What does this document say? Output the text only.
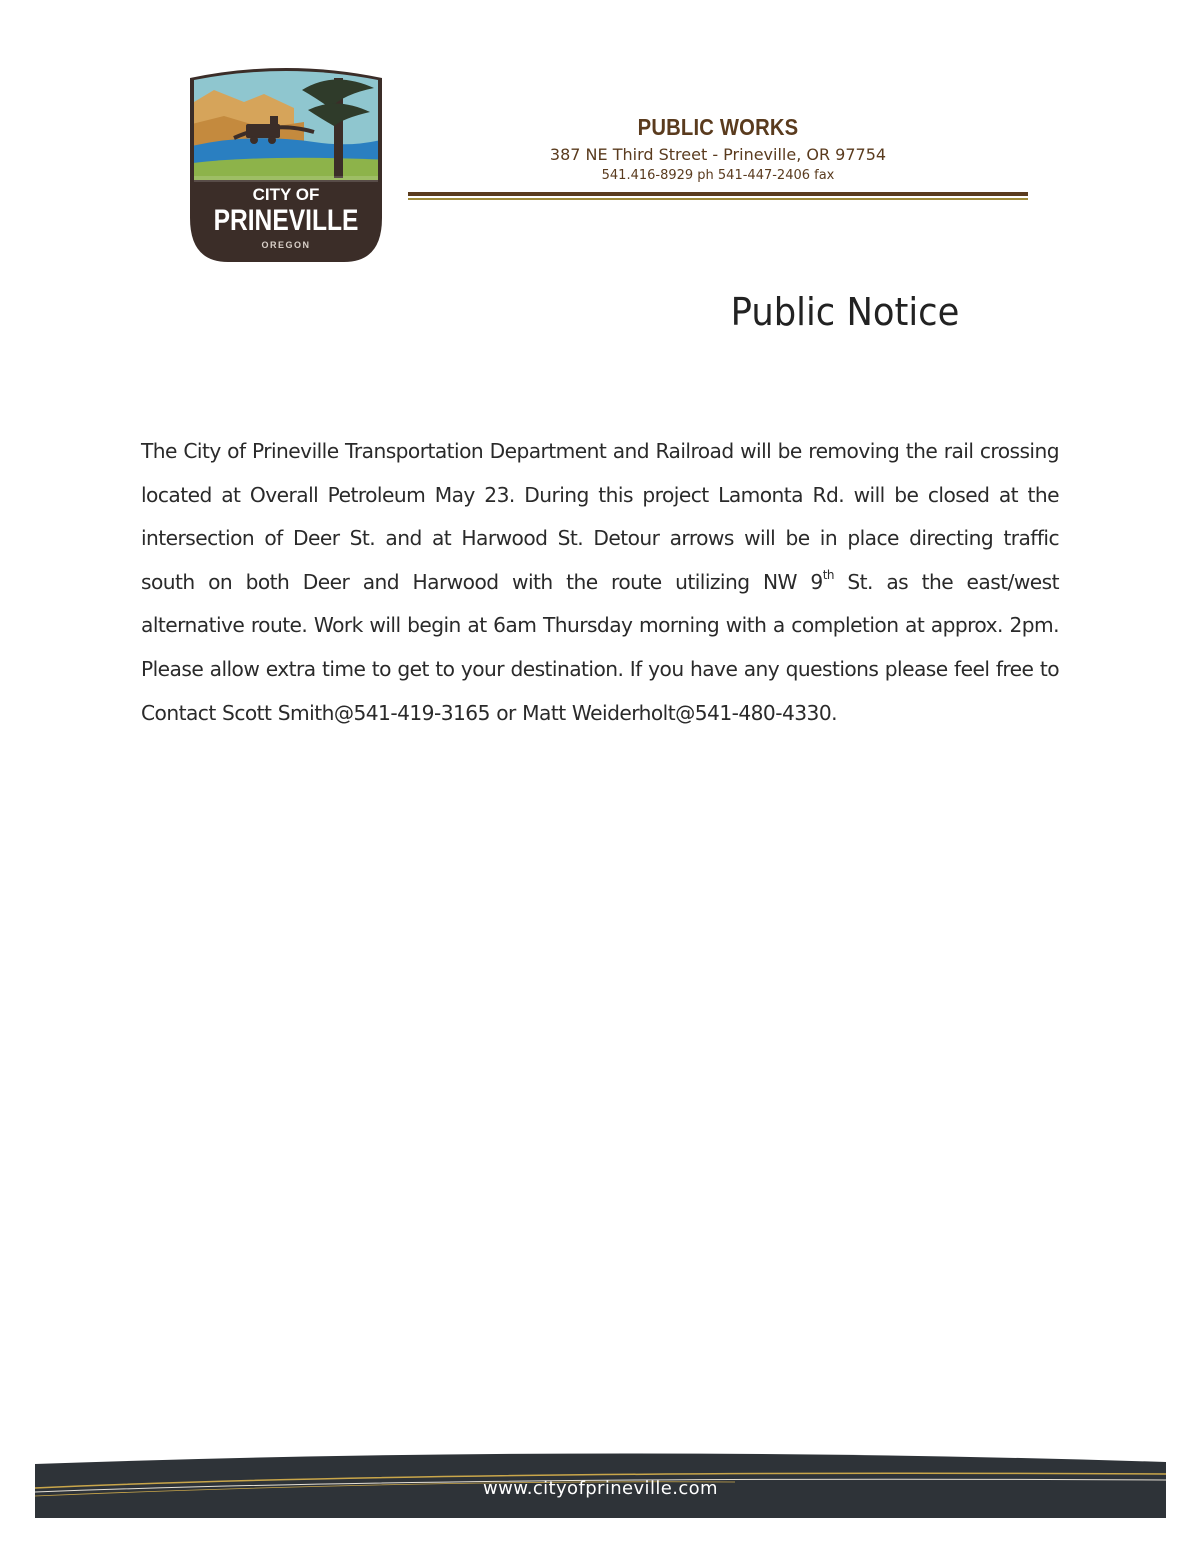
CITY OF
PRINEVILLE
OREGON
PUBLIC WORKS
387 NE Third Street - Prineville, OR 97754
541.416-8929 ph 541-447-2406 fax
Public Notice

The City of Prineville Transportation Department and Railroad will be removing the rail crossing located at Overall Petroleum May 23. During this project Lamonta Rd. will be closed at the intersection of Deer St. and at Harwood St. Detour arrows will be in place directing traffic south on both Deer and Harwood with the route utilizing NW 9th St. as the east/west alternative route. Work will begin at 6am Thursday morning with a completion at approx. 2pm. Please allow extra time to get to your destination. If you have any questions please feel free to Contact Scott Smith@541-419-3165 or Matt Weiderholt@541-480-4330.

www.cityofprineville.com
